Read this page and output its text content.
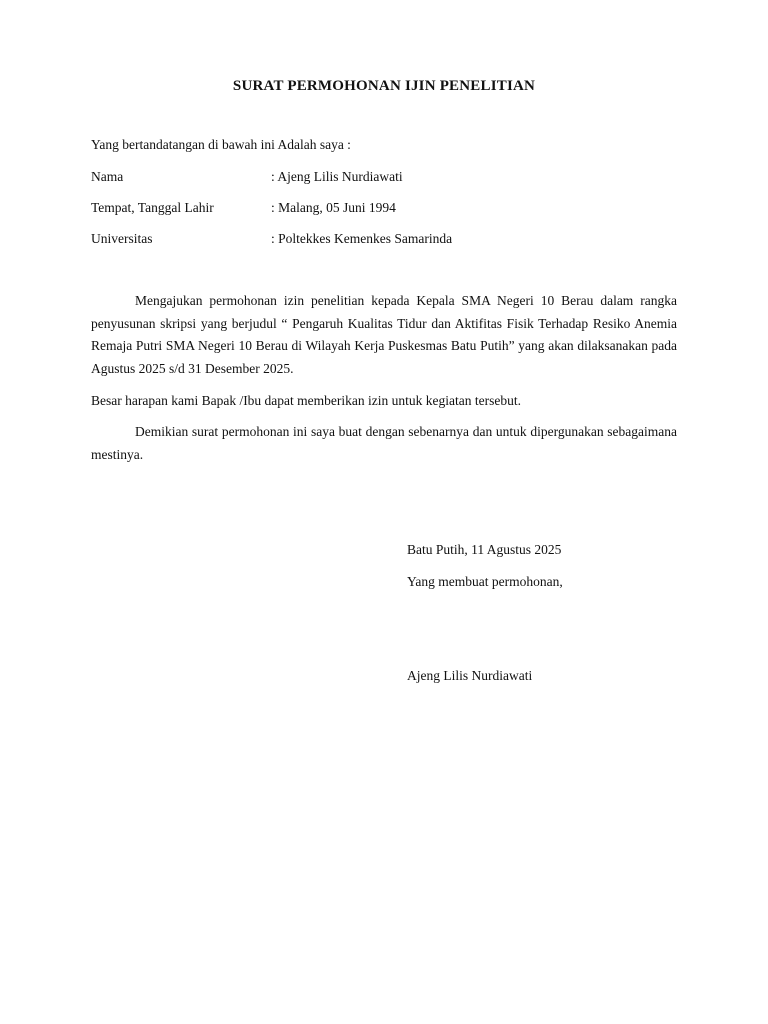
SURAT PERMOHONAN IJIN PENELITIAN
Yang bertandatangan di bawah ini Adalah saya :
Nama	: Ajeng Lilis Nurdiawati
Tempat, Tanggal Lahir	: Malang, 05 Juni 1994
Universitas	: Poltekkes Kemenkes Samarinda

Mengajukan permohonan izin penelitian kepada Kepala SMA Negeri 10 Berau dalam rangka penyusunan skripsi yang berjudul “ Pengaruh Kualitas Tidur dan Aktifitas Fisik Terhadap Resiko Anemia Remaja Putri SMA Negeri 10 Berau di Wilayah Kerja Puskesmas Batu Putih” yang akan dilaksanakan pada Agustus 2025 s/d 31 Desember 2025.

Besar harapan kami Bapak /Ibu dapat memberikan izin untuk kegiatan tersebut.

Demikian surat permohonan ini saya buat dengan sebenarnya dan untuk dipergunakan sebagaimana mestinya.

Batu Putih, 11 Agustus 2025
Yang membuat permohonan,
Ajeng Lilis Nurdiawati
